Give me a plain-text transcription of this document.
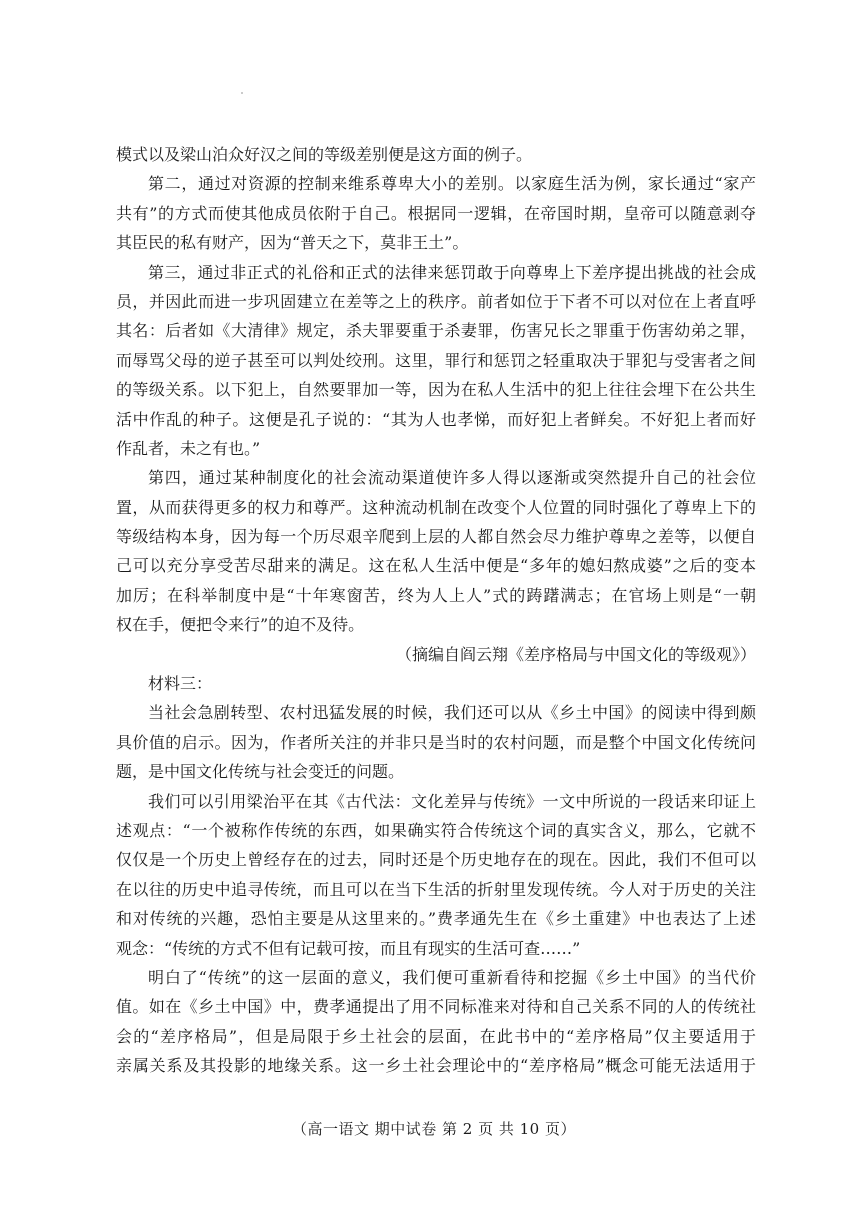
模式以及梁山泊众好汉之间的等级差别便是这方面的例子。
第二，通过对资源的控制来维系尊卑大小的差别。以家庭生活为例，家长通过“家产
共有”的方式而使其他成员依附于自己。根据同一逻辑，在帝国时期，皇帝可以随意剥夺
其臣民的私有财产，因为“普天之下，莫非王土”。
第三，通过非正式的礼俗和正式的法律来惩罚敢于向尊卑上下差序提出挑战的社会成
员，并因此而进一步巩固建立在差等之上的秩序。前者如位于下者不可以对位在上者直呼
其名：后者如《大清律》规定，杀夫罪要重于杀妻罪，伤害兄长之罪重于伤害幼弟之罪，
而辱骂父母的逆子甚至可以判处绞刑。这里，罪行和惩罚之轻重取决于罪犯与受害者之间
的等级关系。以下犯上，自然要罪加一等，因为在私人生活中的犯上往往会埋下在公共生
活中作乱的种子。这便是孔子说的：“其为人也孝悌，而好犯上者鲜矣。不好犯上者而好
作乱者，未之有也。”
第四，通过某种制度化的社会流动渠道使许多人得以逐渐或突然提升自己的社会位
置，从而获得更多的权力和尊严。这种流动机制在改变个人位置的同时强化了尊卑上下的
等级结构本身，因为每一个历尽艰辛爬到上层的人都自然会尽力维护尊卑之差等，以便自
己可以充分享受苦尽甜来的满足。这在私人生活中便是“多年的媳妇熬成婆”之后的变本
加厉；在科举制度中是“十年寒窗苦，终为人上人”式的踌躇满志；在官场上则是“一朝
权在手，便把令来行”的迫不及待。
（摘编自阎云翔《差序格局与中国文化的等级观》）
材料三：
当社会急剧转型、农村迅猛发展的时候，我们还可以从《乡土中国》的阅读中得到颇
具价值的启示。因为，作者所关注的并非只是当时的农村问题，而是整个中国文化传统问
题，是中国文化传统与社会变迁的问题。
我们可以引用梁治平在其《古代法：文化差异与传统》一文中所说的一段话来印证上
述观点：“一个被称作传统的东西，如果确实符合传统这个词的真实含义，那么，它就不
仅仅是一个历史上曾经存在的过去，同时还是个历史地存在的现在。因此，我们不但可以
在以往的历史中追寻传统，而且可以在当下生活的折射里发现传统。今人对于历史的关注
和对传统的兴趣，恐怕主要是从这里来的。”费孝通先生在《乡土重建》中也表达了上述
观念：“传统的方式不但有记载可按，而且有现实的生活可查……”
明白了“传统”的这一层面的意义，我们便可重新看待和挖掘《乡土中国》的当代价
值。如在《乡土中国》中，费孝通提出了用不同标准来对待和自己关系不同的人的传统社
会的“差序格局”，但是局限于乡土社会的层面，在此书中的“差序格局”仅主要适用于
亲属关系及其投影的地缘关系。这一乡土社会理论中的“差序格局”概念可能无法适用于
（高一语文 期中试卷 第 2 页 共 10 页）
